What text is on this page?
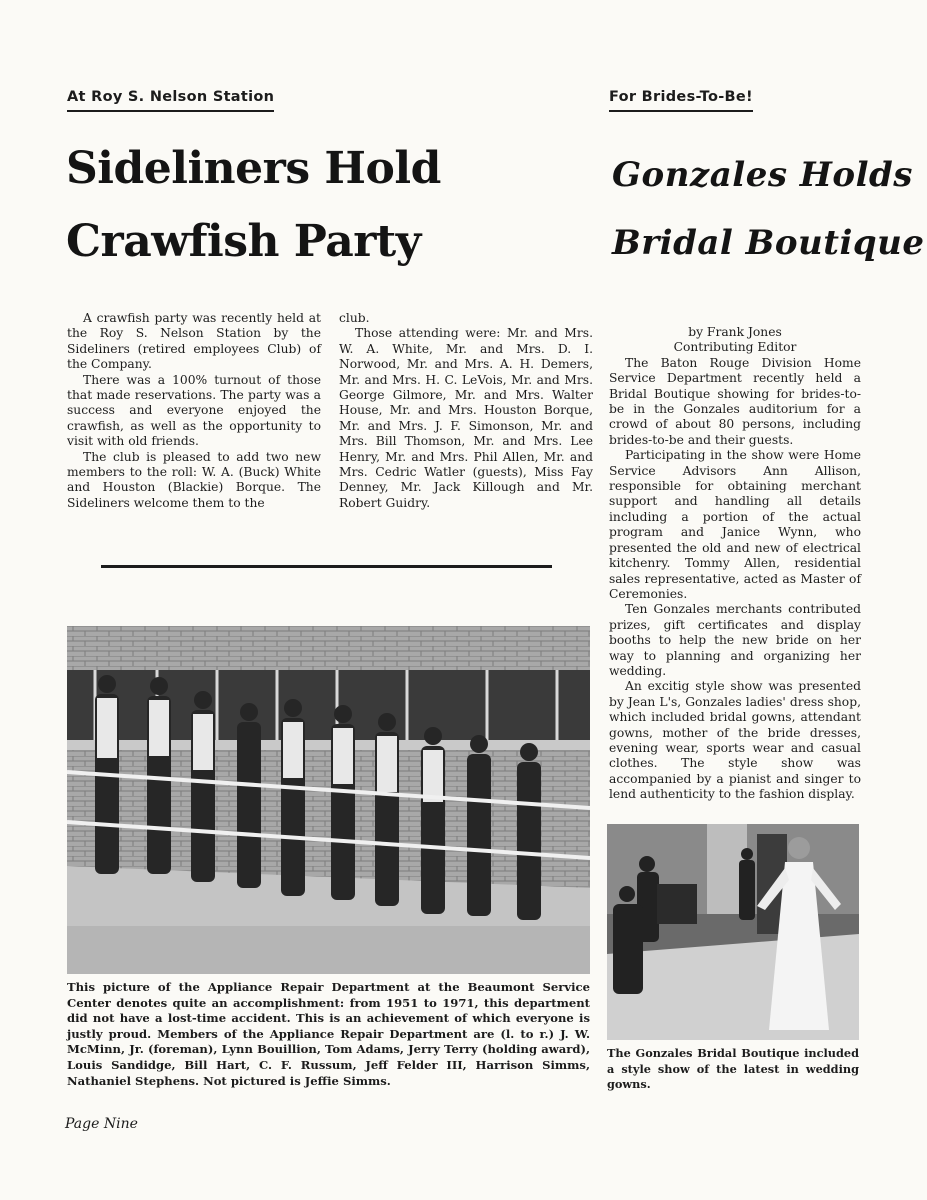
At Roy S. Nelson Station
Sideliners Hold
Crawfish Party

A crawfish party was recently held at the Roy S. Nelson Station by the Sideliners (retired employees Club) of the Company.

There was a 100% turnout of those that made reservations. The party was a success and everyone enjoyed the crawfish, as well as the opportunity to visit with old friends.

The club is pleased to add two new members to the roll: W. A. (Buck) White and Houston (Blackie) Borque. The Sideliners welcome them to the

club.

Those attending were: Mr. and Mrs. W. A. White, Mr. and Mrs. D. I. Norwood, Mr. and Mrs. A. H. Demers, Mr. and Mrs. H. C. LeVois, Mr. and Mrs. George Gilmore, Mr. and Mrs. Walter House, Mr. and Mrs. Houston Borque, Mr. and Mrs. J. F. Simonson, Mr. and Mrs. Bill Thomson, Mr. and Mrs. Lee Henry, Mr. and Mrs. Phil Allen, Mr. and Mrs. Cedric Watler (guests), Miss Fay Denney, Mr. Jack Killough and Mr. Robert Guidry.

This picture of the Appliance Repair Department at the Beaumont Service Center denotes quite an accomplishment: from 1951 to 1971, this department did not have a lost-time accident. This is an achievement of which everyone is justly proud. Members of the Appliance Repair Department are (l. to r.) J. W. McMinn, Jr. (foreman), Lynn Bouillion, Tom Adams, Jerry Terry (holding award), Louis Sandidge, Bill Hart, C. F. Russum, Jeff Felder III, Harrison Simms, Nathaniel Stephens. Not pictured is Jeffie Simms.
For Brides-To-Be!
Gonzales Holds
Bridal Boutique
by Frank Jones
Contributing Editor

The Baton Rouge Division Home Service Department recently held a Bridal Boutique showing for brides-to-be in the Gonzales auditorium for a crowd of about 80 persons, including brides-to-be and their guests.

Participating in the show were Home Service Advisors Ann Allison, responsible for obtaining merchant support and handling all details including a portion of the actual program and Janice Wynn, who presented the old and new of electrical kitchenry. Tommy Allen, residential sales representative, acted as Master of Ceremonies.

Ten Gonzales merchants contributed prizes, gift certificates and display booths to help the new bride on her way to planning and organizing her wedding.

An excitig style show was presented by Jean L's, Gonzales ladies' dress shop, which included bridal gowns, attendant gowns, mother of the bride dresses, evening wear, sports wear and casual clothes. The style show was accompanied by a pianist and singer to lend authenticity to the fashion display.

The Gonzales Bridal Boutique included a style show of the latest in wedding gowns.
Page Nine
